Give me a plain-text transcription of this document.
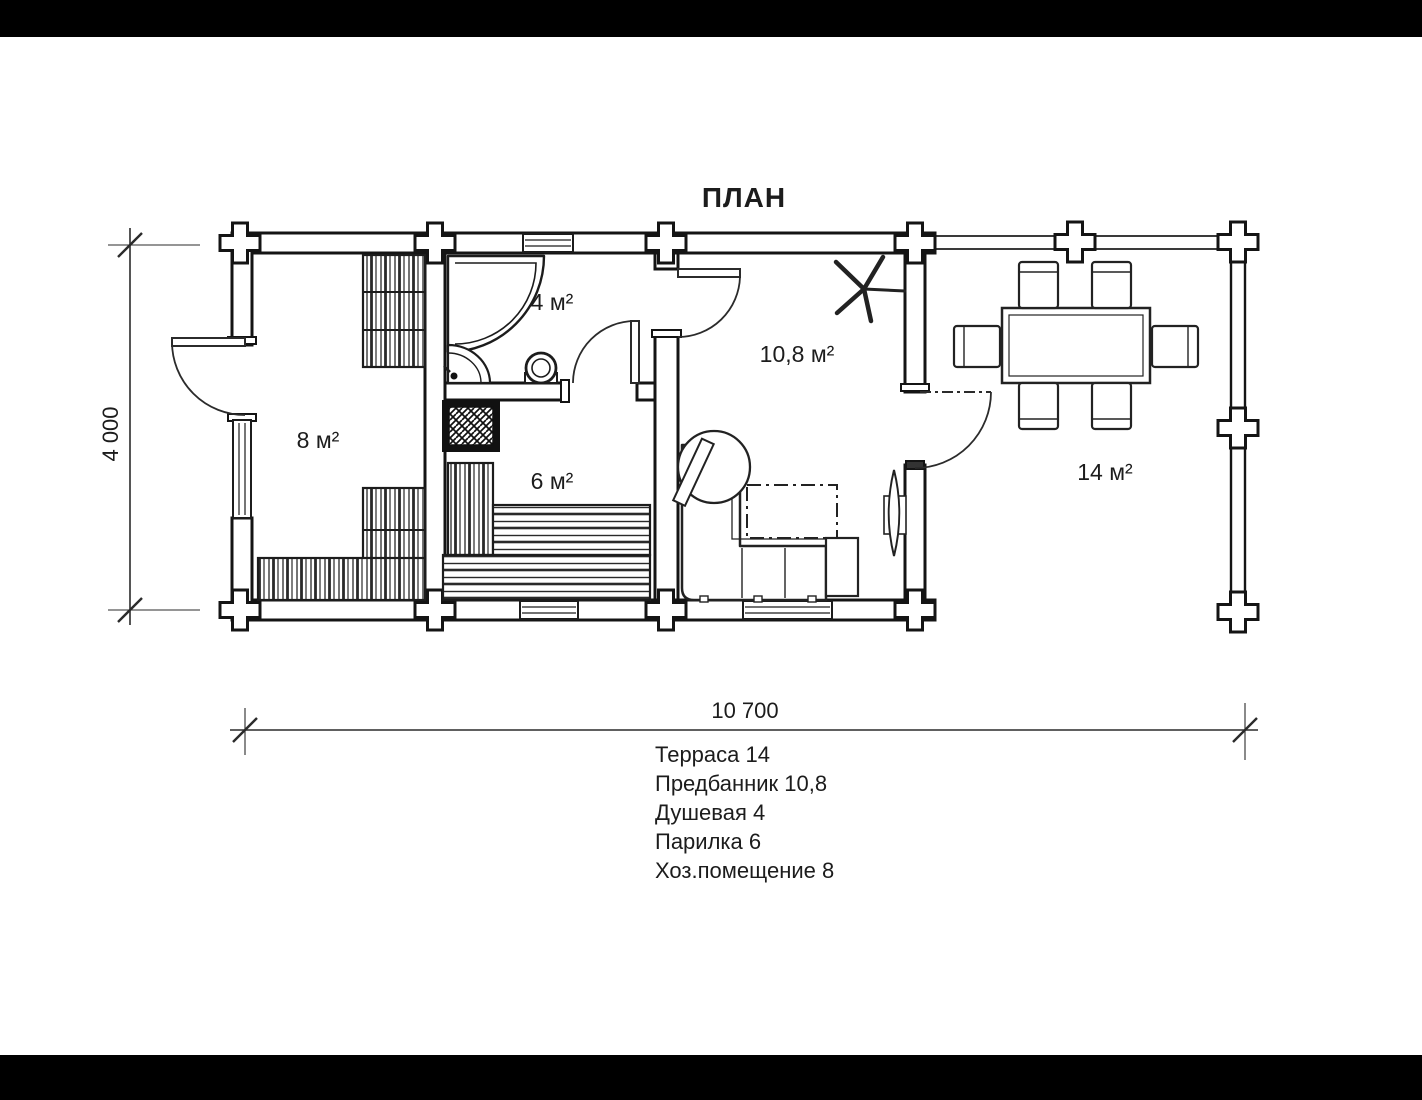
ПЛАН
8 м²
4 м²
6 м²
10,8 м²
14 м²
4 000
10 700
Терраса 14
Предбанник 10,8
Душевая 4
Парилка 6
Хоз.помещение 8
